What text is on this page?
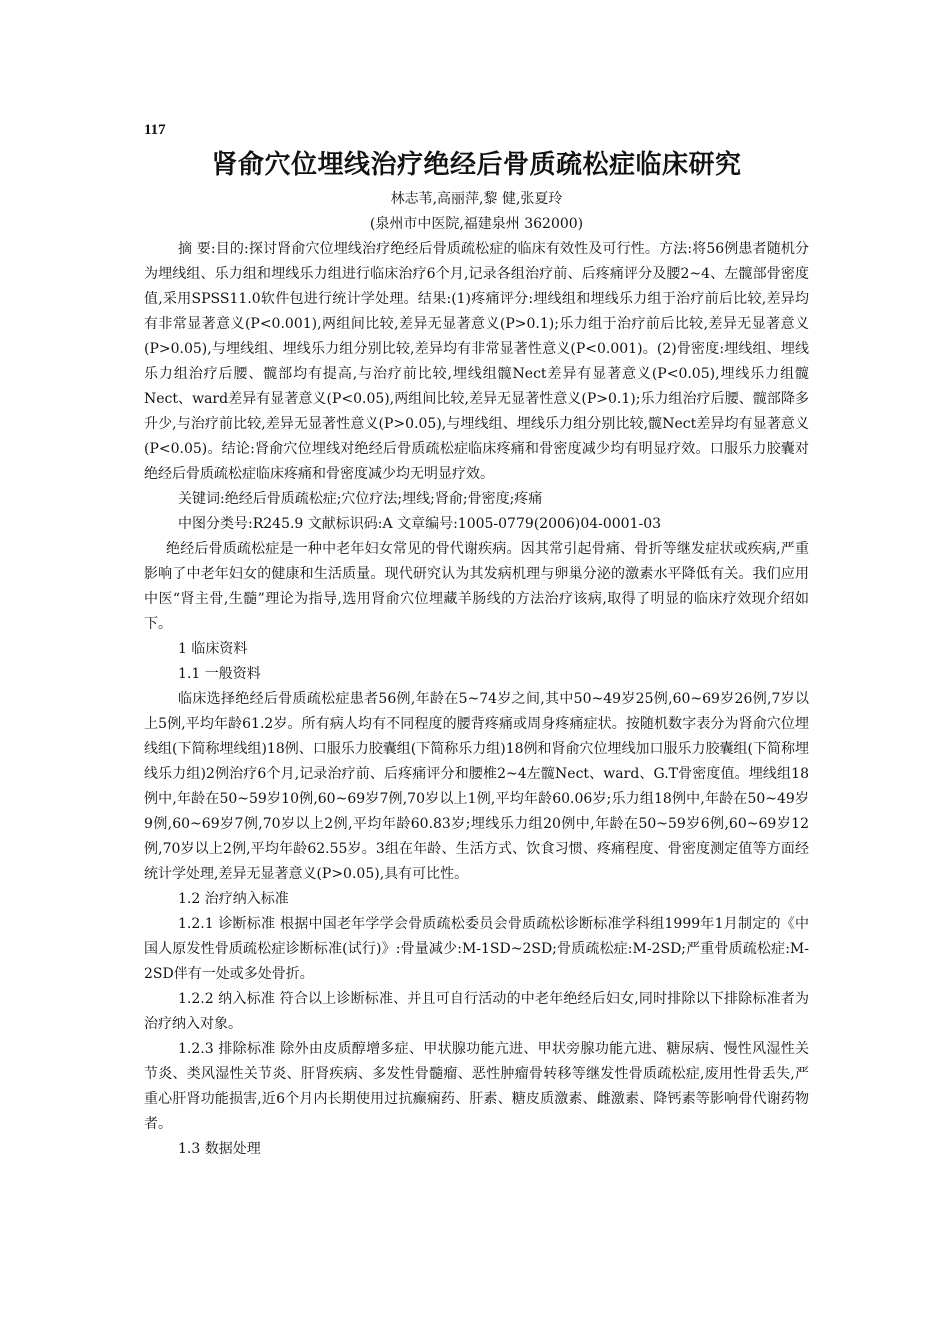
117
肾俞穴位埋线治疗绝经后骨质疏松症临床研究
林志苇,高丽萍,黎 健,张夏玲
(泉州市中医院,福建泉州 362000)

摘 要:目的:探讨肾俞穴位埋线治疗绝经后骨质疏松症的临床有效性及可行性。方法:将56例患者随机分为埋线组、乐力组和埋线乐力组进行临床治疗6个月,记录各组治疗前、后疼痛评分及腰2~4、左髋部骨密度值,采用SPSS11.0软件包进行统计学处理。结果:(1)疼痛评分:埋线组和埋线乐力组于治疗前后比较,差异均有非常显著意义(P<0.001),两组间比较,差异无显著意义(P>0.1);乐力组于治疗前后比较,差异无显著意义(P>0.05),与埋线组、埋线乐力组分别比较,差异均有非常显著性意义(P<0.001)。(2)骨密度:埋线组、埋线乐力组治疗后腰、髋部均有提高,与治疗前比较,埋线组髋Nect差异有显著意义(P<0.05),埋线乐力组髋Nect、ward差异有显著意义(P<0.05),两组间比较,差异无显著性意义(P>0.1);乐力组治疗后腰、髋部降多升少,与治疗前比较,差异无显著性意义(P>0.05),与埋线组、埋线乐力组分别比较,髋Nect差异均有显著意义(P<0.05)。结论:肾俞穴位埋线对绝经后骨质疏松症临床疼痛和骨密度减少均有明显疗效。口服乐力胶囊对绝经后骨质疏松症临床疼痛和骨密度减少均无明显疗效。

关键词:绝经后骨质疏松症;穴位疗法;埋线;肾俞;骨密度;疼痛

中图分类号:R245.9 文献标识码:A 文章编号:1005-0779(2006)04-0001-03

绝经后骨质疏松症是一种中老年妇女常见的骨代谢疾病。因其常引起骨痛、骨折等继发症状或疾病,严重影响了中老年妇女的健康和生活质量。现代研究认为其发病机理与卵巢分泌的激素水平降低有关。我们应用中医“肾主骨,生髓”理论为指导,选用肾俞穴位埋藏羊肠线的方法治疗该病,取得了明显的临床疗效现介绍如下。

1 临床资料

1.1 一般资料

临床选择绝经后骨质疏松症患者56例,年龄在5~74岁之间,其中50~49岁25例,60~69岁26例,7岁以上5例,平均年龄61.2岁。所有病人均有不同程度的腰背疼痛或周身疼痛症状。按随机数字表分为肾俞穴位埋线组(下简称埋线组)18例、口服乐力胶囊组(下简称乐力组)18例和肾俞穴位埋线加口服乐力胶囊组(下简称埋线乐力组)2例治疗6个月,记录治疗前、后疼痛评分和腰椎2~4左髋Nect、ward、G.T骨密度值。埋线组18例中,年龄在50~59岁10例,60~69岁7例,70岁以上1例,平均年龄60.06岁;乐力组18例中,年龄在50~49岁9例,60~69岁7例,70岁以上2例,平均年龄60.83岁;埋线乐力组20例中,年龄在50~59岁6例,60~69岁12例,70岁以上2例,平均年龄62.55岁。3组在年龄、生活方式、饮食习惯、疼痛程度、骨密度测定值等方面经统计学处理,差异无显著意义(P>0.05),具有可比性。

1.2 治疗纳入标准

1.2.1 诊断标准 根据中国老年学学会骨质疏松委员会骨质疏松诊断标准学科组1999年1月制定的《中国人原发性骨质疏松症诊断标准(试行)》:骨量减少:M-1SD~2SD;骨质疏松症:M-2SD;严重骨质疏松症:M-2SD伴有一处或多处骨折。

1.2.2 纳入标准 符合以上诊断标准、并且可自行活动的中老年绝经后妇女,同时排除以下排除标准者为治疗纳入对象。

1.2.3 排除标准 除外由皮质醇增多症、甲状腺功能亢进、甲状旁腺功能亢进、糖尿病、慢性风湿性关节炎、类风湿性关节炎、肝肾疾病、多发性骨髓瘤、恶性肿瘤骨转移等继发性骨质疏松症,废用性骨丢失,严重心肝肾功能损害,近6个月内长期使用过抗癫痫药、肝素、糖皮质激素、雌激素、降钙素等影响骨代谢药物者。

1.3 数据处理
